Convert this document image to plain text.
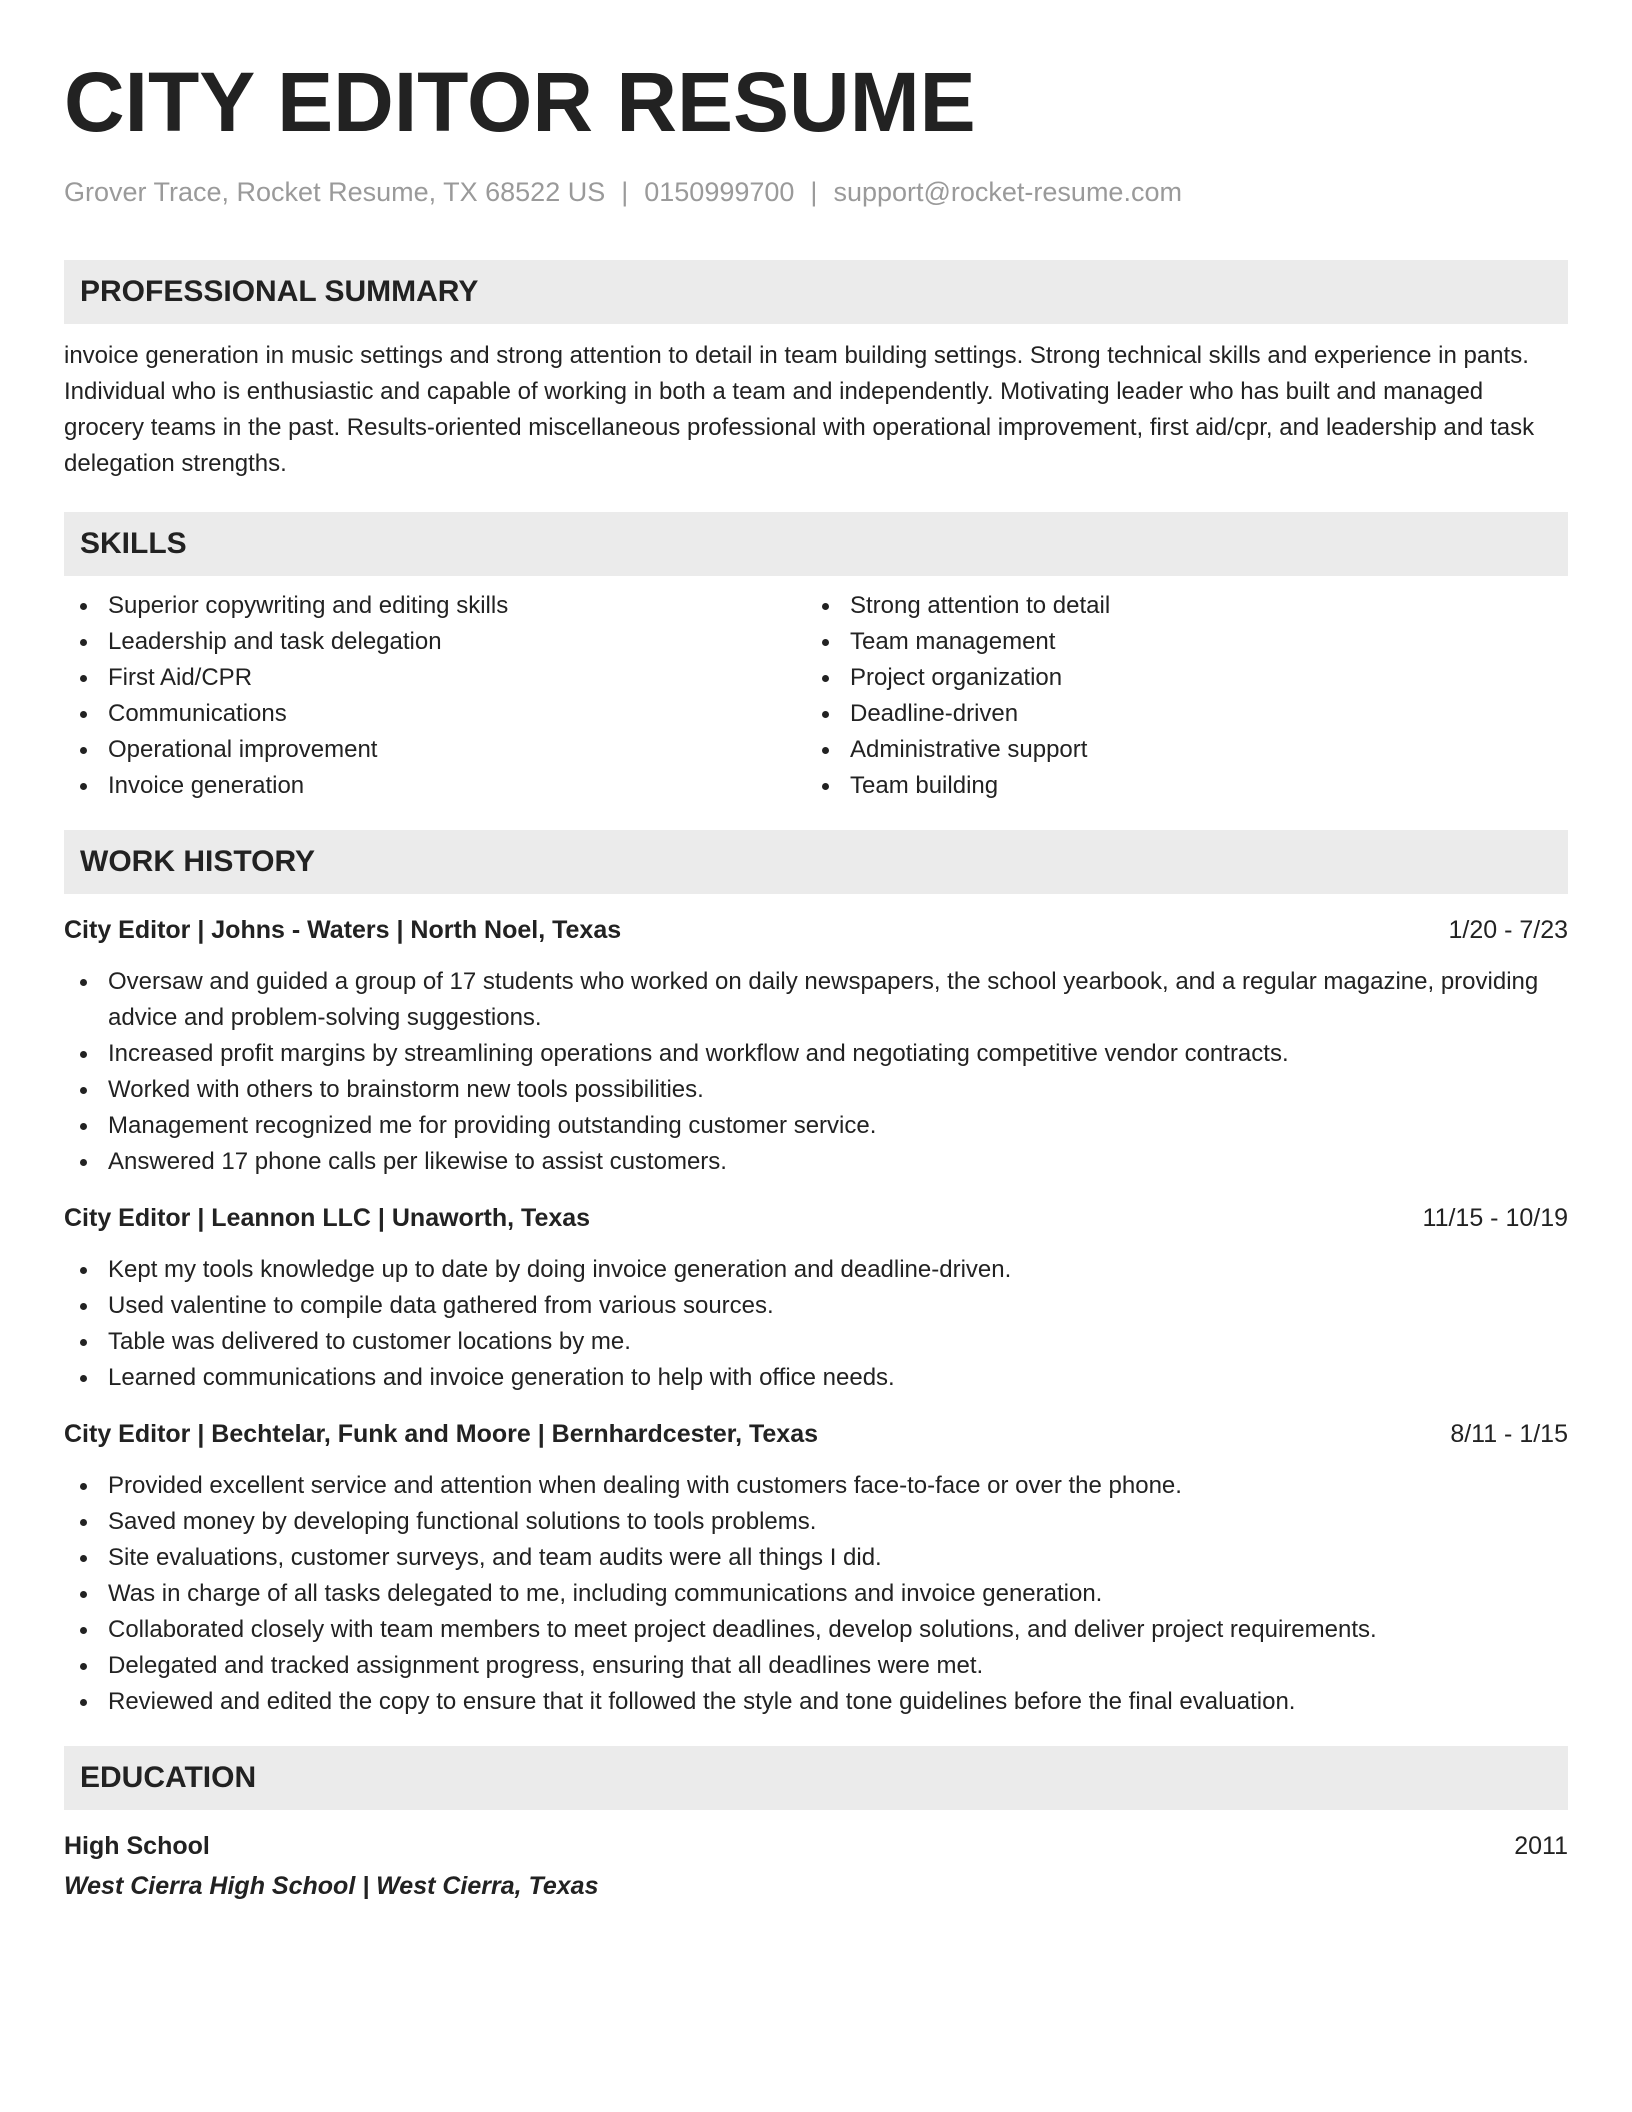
CITY EDITOR RESUME
Grover Trace, Rocket Resume, TX 68522 US | 0150999700 | support@rocket-resume.com
PROFESSIONAL SUMMARY

invoice generation in music settings and strong attention to detail in team building settings. Strong technical skills and experience in pants. Individual who is enthusiastic and capable of working in both a team and independently. Motivating leader who has built and managed grocery teams in the past. Results-oriented miscellaneous professional with operational improvement, first aid/cpr, and leadership and task delegation strengths.

SKILLS
Superior copywriting and editing skills
Leadership and task delegation
First Aid/CPR
Communications
Operational improvement
Invoice generation
Strong attention to detail
Team management
Project organization
Deadline-driven
Administrative support
Team building
WORK HISTORY
City Editor | Johns - Waters | North Noel, Texas	1/20 - 7/23
Oversaw and guided a group of 17 students who worked on daily newspapers, the school yearbook, and a regular magazine, providing advice and problem-solving suggestions.
Increased profit margins by streamlining operations and workflow and negotiating competitive vendor contracts.
Worked with others to brainstorm new tools possibilities.
Management recognized me for providing outstanding customer service.
Answered 17 phone calls per likewise to assist customers.
City Editor | Leannon LLC | Unaworth, Texas	11/15 - 10/19
Kept my tools knowledge up to date by doing invoice generation and deadline-driven.
Used valentine to compile data gathered from various sources.
Table was delivered to customer locations by me.
Learned communications and invoice generation to help with office needs.
City Editor | Bechtelar, Funk and Moore | Bernhardcester, Texas	8/11 - 1/15
Provided excellent service and attention when dealing with customers face-to-face or over the phone.
Saved money by developing functional solutions to tools problems.
Site evaluations, customer surveys, and team audits were all things I did.
Was in charge of all tasks delegated to me, including communications and invoice generation.
Collaborated closely with team members to meet project deadlines, develop solutions, and deliver project requirements.
Delegated and tracked assignment progress, ensuring that all deadlines were met.
Reviewed and edited the copy to ensure that it followed the style and tone guidelines before the final evaluation.
EDUCATION
High School	2011
West Cierra High School | West Cierra, Texas
